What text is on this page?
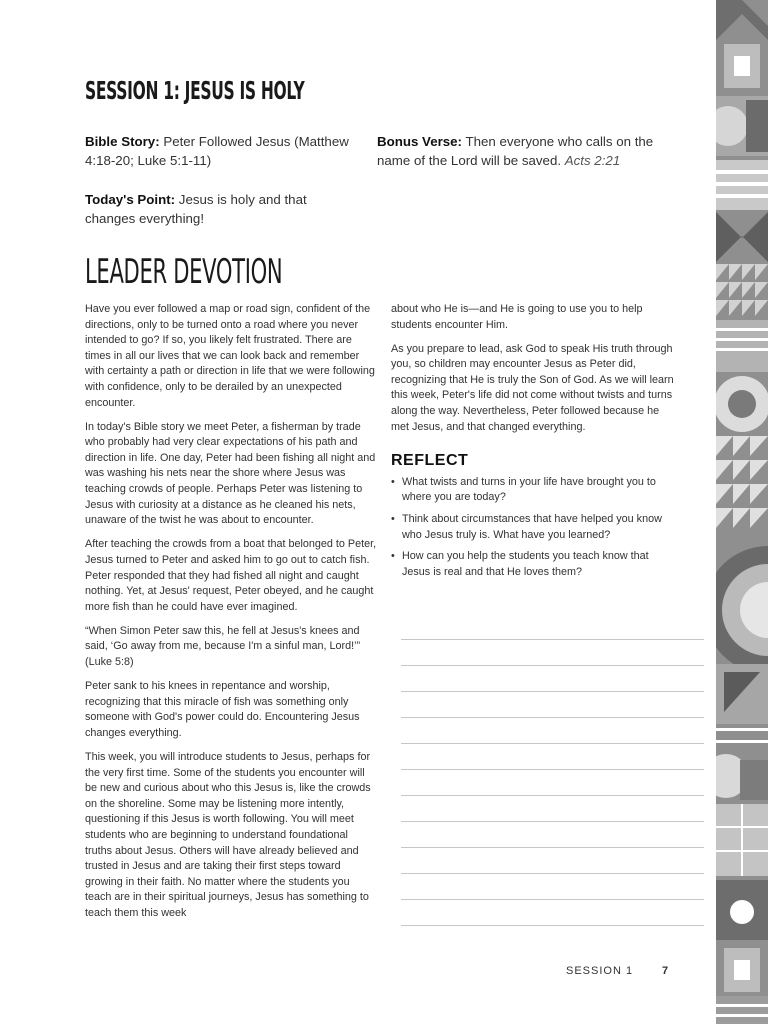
SESSION 1: JESUS IS HOLY
Bible Story: Peter Followed Jesus (Matthew 4:18-20; Luke 5:1-11)
Bonus Verse: Then everyone who calls on the name of the Lord will be saved. Acts 2:21
Today's Point: Jesus is holy and that changes everything!
LEADER DEVOTION

Have you ever followed a map or road sign, confident of the directions, only to be turned onto a road where you never intended to go? If so, you likely felt frustrated. There are times in all our lives that we can look back and remember with certainty a path or direction in life that we were following with confidence, only to be derailed by an unexpected encounter.

In today's Bible story we meet Peter, a fisherman by trade who probably had very clear expectations of his path and direction in life. One day, Peter had been fishing all night and was washing his nets near the shore where Jesus was teaching crowds of people. Perhaps Peter was listening to Jesus with curiosity at a distance as he cleaned his nets, unaware of the twist he was about to encounter.

After teaching the crowds from a boat that belonged to Peter, Jesus turned to Peter and asked him to go out to catch fish. Peter responded that they had fished all night and caught nothing. Yet, at Jesus' request, Peter obeyed, and he caught more fish than he could have ever imagined.

“When Simon Peter saw this, he fell at Jesus's knees and said, ‘Go away from me, because I'm a sinful man, Lord!’” (Luke 5:8)

Peter sank to his knees in repentance and worship, recognizing that this miracle of fish was something only someone with God's power could do. Encountering Jesus changes everything.

This week, you will introduce students to Jesus, perhaps for the very first time. Some of the students you encounter will be new and curious about who this Jesus is, like the crowds on the shoreline. Some may be listening more intently, questioning if this Jesus is worth following. You will meet students who are beginning to understand foundational truths about Jesus. Others will have already believed and trusted in Jesus and are taking their first steps toward growing in their faith. No matter where the students you teach are in their spiritual journeys, Jesus has something to teach them this week

about who He is—and He is going to use you to help students encounter Him.

As you prepare to lead, ask God to speak His truth through you, so children may encounter Jesus as Peter did, recognizing that He is truly the Son of God. As we will learn this week, Peter's life did not come without twists and turns along the way. Nevertheless, Peter followed because he met Jesus, and that changed everything.

REFLECT
• What twists and turns in your life have brought you to where you are today?
• Think about circumstances that have helped you know who Jesus truly is. What have you learned?
• How can you help the students you teach know that Jesus is real and that He loves them?
SESSION 1	7
